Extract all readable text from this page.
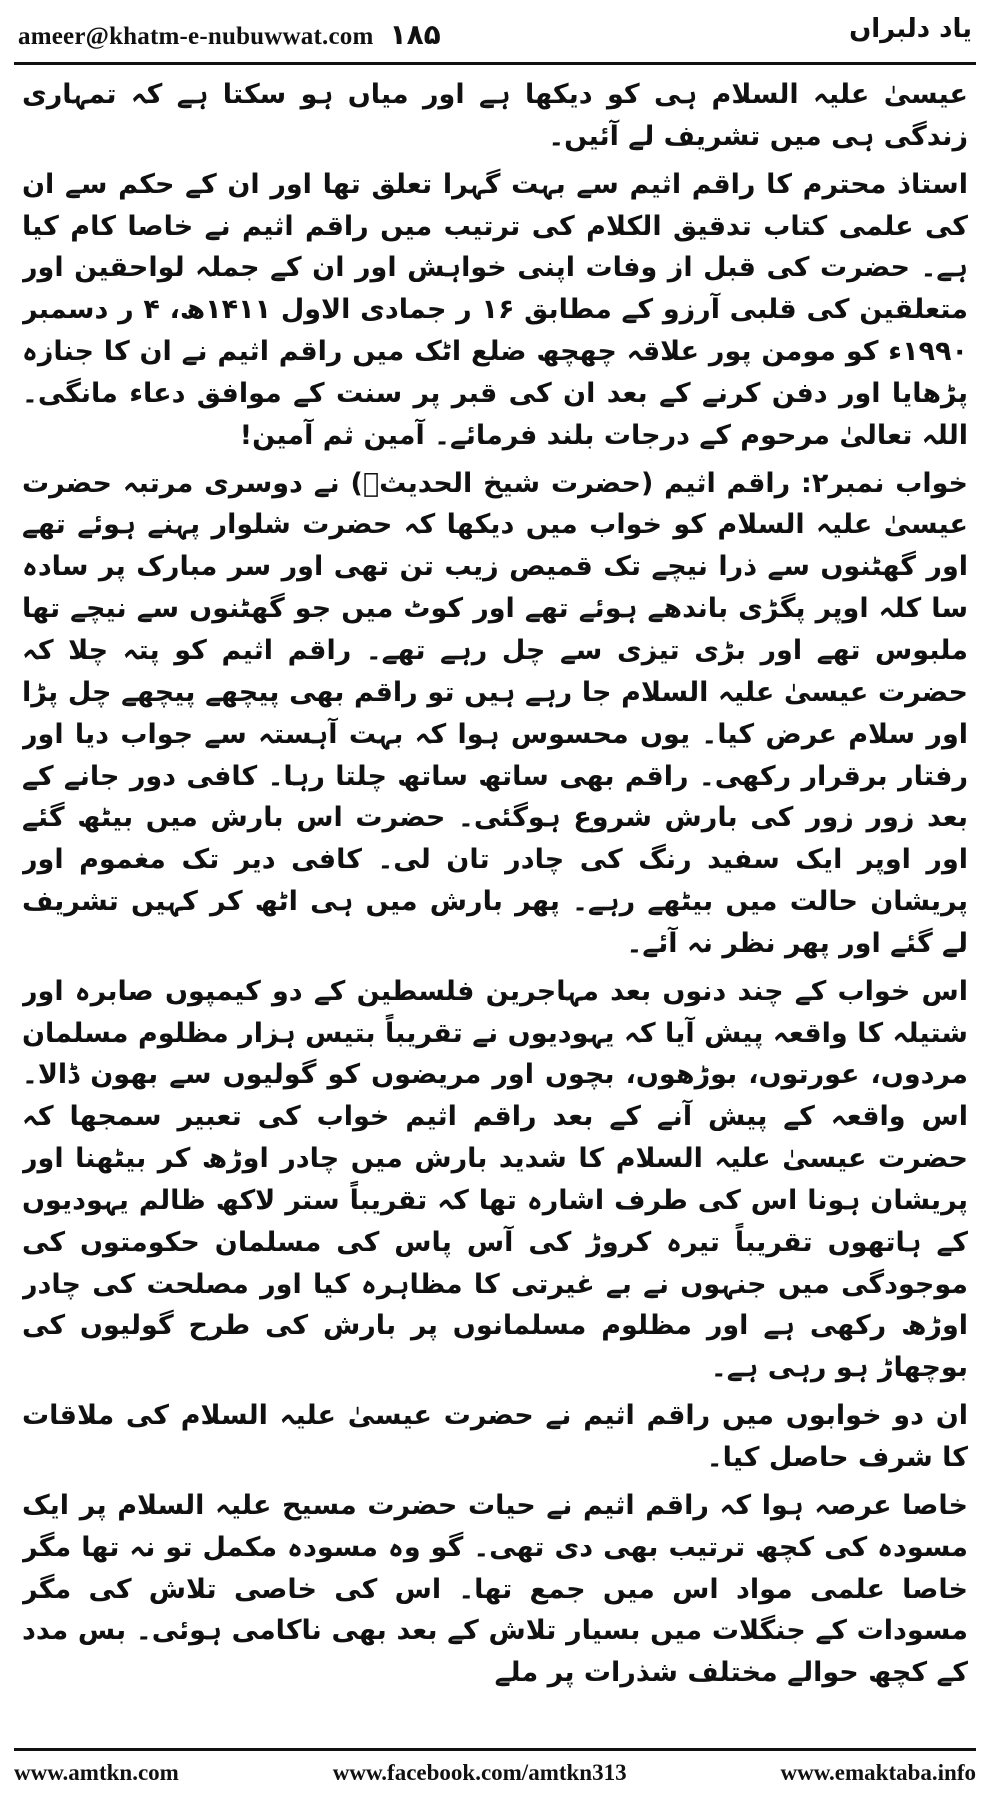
ameer@khatm-e-nubuwwat.com ۱۸۵	یاد دلبراں

عیسیٰ علیہ السلام ہی کو دیکھا ہے اور میاں ہو سکتا ہے کہ تمہاری زندگی ہی میں تشریف لے آئیں۔

استاذ محترم کا راقم اثیم سے بہت گہرا تعلق تھا اور ان کے حکم سے ان کی علمی کتاب تدقیق الکلام کی ترتیب میں راقم اثیم نے خاصا کام کیا ہے۔ حضرت کی قبل از وفات اپنی خواہش اور ان کے جملہ لواحقین اور متعلقین کی قلبی آرزو کے مطابق ۱۶ ر جمادی الاول ۱۴۱۱ھ، ۴ ر دسمبر ۱۹۹۰ء کو مومن پور علاقہ چھچھ ضلع اٹک میں راقم اثیم نے ان کا جنازہ پڑھایا اور دفن کرنے کے بعد ان کی قبر پر سنت کے موافق دعاء مانگی۔ اللہ تعالیٰ مرحوم کے درجات بلند فرمائے۔ آمین ثم آمین!

خواب نمبر۲: راقم اثیم (حضرت شیخ الحدیثؒ) نے دوسری مرتبہ حضرت عیسیٰ علیہ السلام کو خواب میں دیکھا کہ حضرت شلوار پہنے ہوئے تھے اور گھٹنوں سے ذرا نیچے تک قمیص زیب تن تھی اور سر مبارک پر سادہ سا کلہ اوپر پگڑی باندھے ہوئے تھے اور کوٹ میں جو گھٹنوں سے نیچے تھا ملبوس تھے اور بڑی تیزی سے چل رہے تھے۔ راقم اثیم کو پتہ چلا کہ حضرت عیسیٰ علیہ السلام جا رہے ہیں تو راقم بھی پیچھے پیچھے چل پڑا اور سلام عرض کیا۔ یوں محسوس ہوا کہ بہت آہستہ سے جواب دیا اور رفتار برقرار رکھی۔ راقم بھی ساتھ ساتھ چلتا رہا۔ کافی دور جانے کے بعد زور زور کی بارش شروع ہوگئی۔ حضرت اس بارش میں بیٹھ گئے اور اوپر ایک سفید رنگ کی چادر تان لی۔ کافی دیر تک مغموم اور پریشان حالت میں بیٹھے رہے۔ پھر بارش میں ہی اٹھ کر کہیں تشریف لے گئے اور پھر نظر نہ آئے۔

اس خواب کے چند دنوں بعد مہاجرین فلسطین کے دو کیمپوں صابرہ اور شتیلہ کا واقعہ پیش آیا کہ یہودیوں نے تقریباً بتیس ہزار مظلوم مسلمان مردوں، عورتوں، بوڑھوں، بچوں اور مریضوں کو گولیوں سے بھون ڈالا۔ اس واقعہ کے پیش آنے کے بعد راقم اثیم خواب کی تعبیر سمجھا کہ حضرت عیسیٰ علیہ السلام کا شدید بارش میں چادر اوڑھ کر بیٹھنا اور پریشان ہونا اس کی طرف اشارہ تھا کہ تقریباً ستر لاکھ ظالم یہودیوں کے ہاتھوں تقریباً تیرہ کروڑ کی آس پاس کی مسلمان حکومتوں کی موجودگی میں جنہوں نے بے غیرتی کا مظاہرہ کیا اور مصلحت کی چادر اوڑھ رکھی ہے اور مظلوم مسلمانوں پر بارش کی طرح گولیوں کی بوچھاڑ ہو رہی ہے۔

ان دو خوابوں میں راقم اثیم نے حضرت عیسیٰ علیہ السلام کی ملاقات کا شرف حاصل کیا۔

خاصا عرصہ ہوا کہ راقم اثیم نے حیات حضرت مسیح علیہ السلام پر ایک مسودہ کی کچھ ترتیب بھی دی تھی۔ گو وہ مسودہ مکمل تو نہ تھا مگر خاصا علمی مواد اس میں جمع تھا۔ اس کی خاصی تلاش کی مگر مسودات کے جنگلات میں بسیار تلاش کے بعد بھی ناکامی ہوئی۔ بس مدد کے کچھ حوالے مختلف شذرات پر ملے

www.amtkn.com	www.facebook.com/amtkn313	www.emaktaba.info
